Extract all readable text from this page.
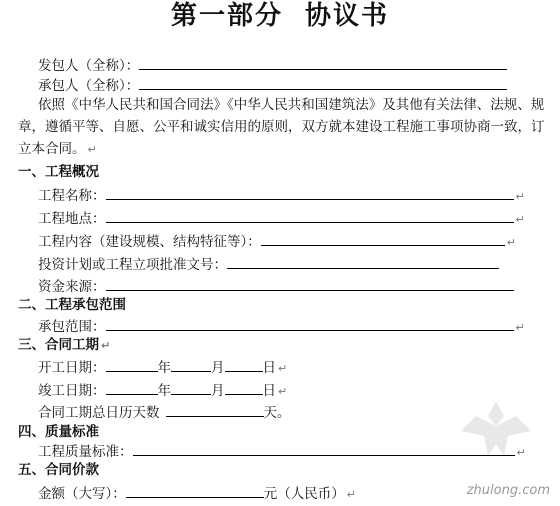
第一部分 协议书
发包人（全称）：
承包人（全称）：
依照《中华人民共和国合同法》《中华人民共和国建筑法》及其他有关法律、法规、规章，遵循平等、自愿、公平和诚实信用的原则，双方就本建设工程施工事项协商一致，订立本合同。 ↵
一、工程概况
工程名称：	↵
工程地点：	↵
工程内容（建设规模、结构特征等）：	↵
投资计划或工程立项批准文号：
资金来源：
二、工程承包范围
承包范围：	↵
三、合同工期 ↵
开工日期：	年	月	日 ↵
竣工日期：	年	月	日 ↵
合同工期总日历天数	天。
四、质量标准
工程质量标准：	↵
五、合同价款
金额（大写）：	元（人民币） ↵	zhulong.com
